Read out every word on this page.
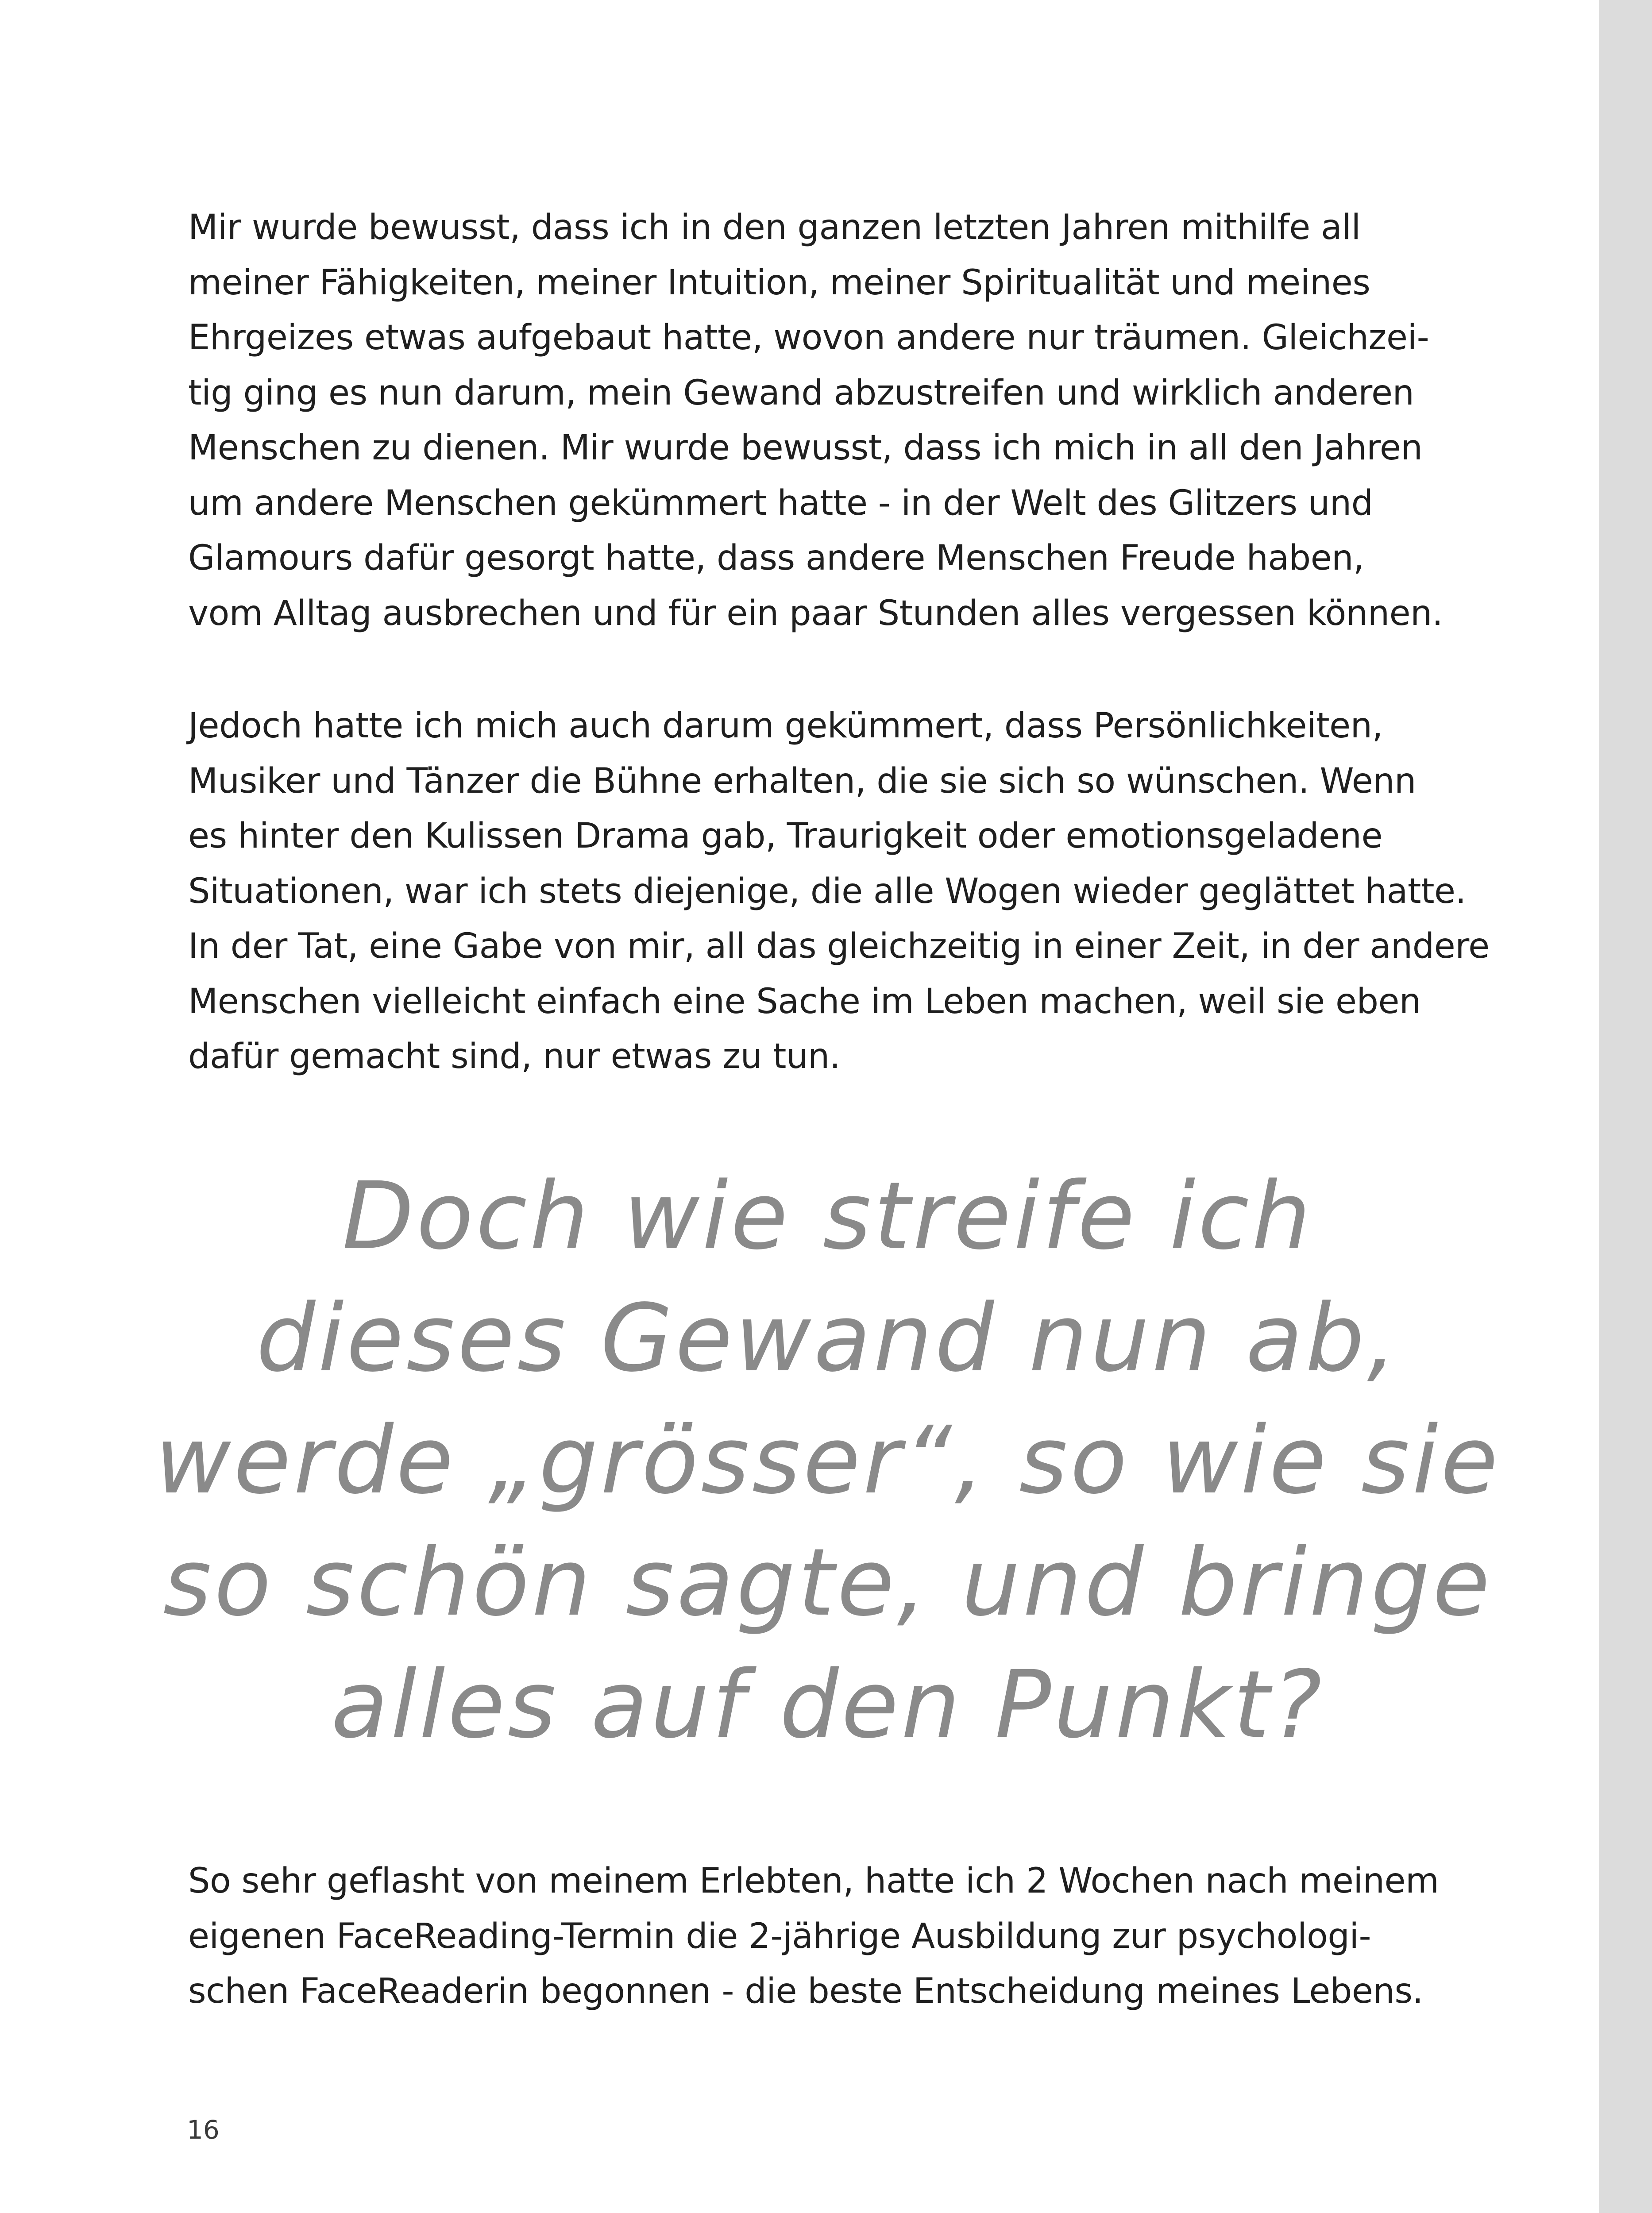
Mir wurde bewusst, dass ich in den ganzen letzten Jahren mithilfe all
meiner Fähigkeiten, meiner Intuition, meiner Spiritualität und meines
Ehrgeizes etwas aufgebaut hatte, wovon andere nur träumen. Gleichzei-
tig ging es nun darum, mein Gewand abzustreifen und wirklich anderen
Menschen zu dienen. Mir wurde bewusst, dass ich mich in all den Jahren
um andere Menschen gekümmert hatte - in der Welt des Glitzers und
Glamours dafür gesorgt hatte, dass andere Menschen Freude haben,
vom Alltag ausbrechen und für ein paar Stunden alles vergessen können.
Jedoch hatte ich mich auch darum gekümmert, dass Persönlichkeiten,
Musiker und Tänzer die Bühne erhalten, die sie sich so wünschen. Wenn
es hinter den Kulissen Drama gab, Traurigkeit oder emotionsgeladene
Situationen, war ich stets diejenige, die alle Wogen wieder geglättet hatte.
In der Tat, eine Gabe von mir, all das gleichzeitig in einer Zeit, in der andere
Menschen vielleicht einfach eine Sache im Leben machen, weil sie eben
dafür gemacht sind, nur etwas zu tun.
Doch wie streife ich
dieses Gewand nun ab,
werde „grösser“, so wie sie
so schön sagte, und bringe
alles auf den Punkt?
So sehr geflasht von meinem Erlebten, hatte ich 2 Wochen nach meinem
eigenen FaceReading-Termin die 2-jährige Ausbildung zur psychologi-
schen FaceReaderin begonnen - die beste Entscheidung meines Lebens.
16
